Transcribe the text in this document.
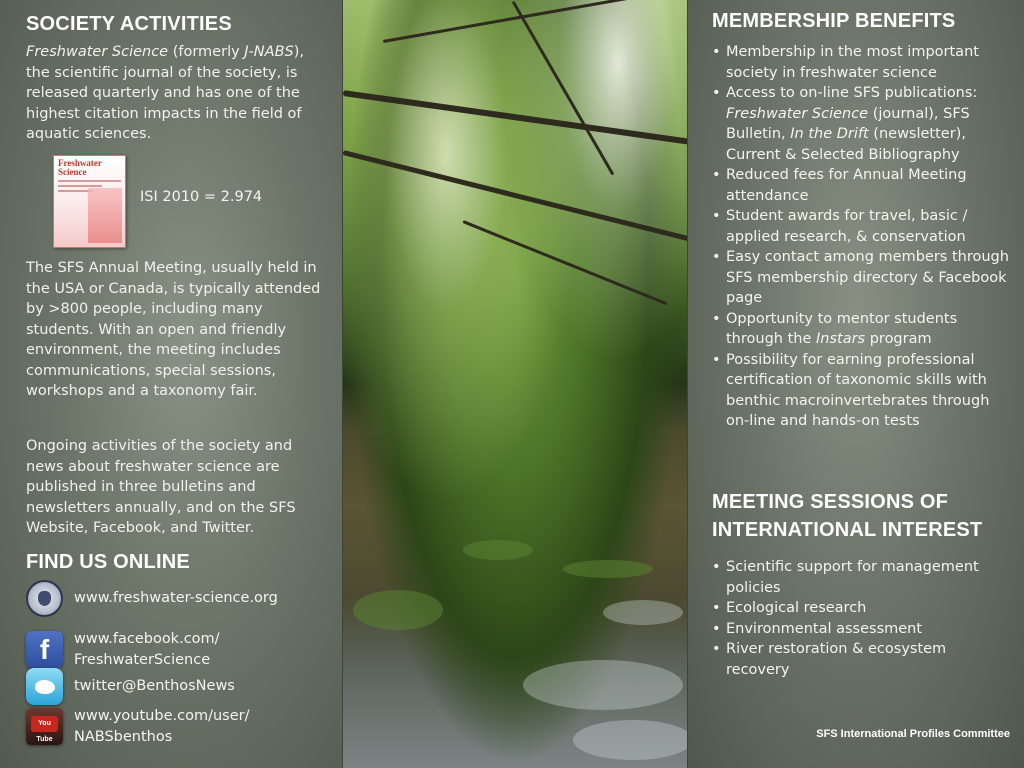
SOCIETY ACTIVITIES

Freshwater Science (formerly J-NABS), the scientific journal of the society, is released quarterly and has one of the highest citation impacts in the field of aquatic sciences.

Freshwater
Science
ISI 2010 = 2.974

The SFS Annual Meeting, usually held in the USA or Canada, is typically attended by >800 people, including many students. With an open and friendly environment, the meeting includes communications, special sessions, workshops and a taxonomy fair.

Ongoing activities of the society and news about freshwater science are published in three bulletins and newsletters annually, and on the SFS Website, Facebook, and Twitter.

FIND US ONLINE
www.freshwater-science.org
f	www.facebook.com/
FreshwaterScience
twitter@BenthosNews
You Tube
www.youtube.com/user/
NABSbenthos
MEMBERSHIP BENEFITS
• Membership in the most important society in freshwater science
• Access to on-line SFS publications: Freshwater Science (journal), SFS Bulletin, In the Drift (newsletter), Current & Selected Bibliography
• Reduced fees for Annual Meeting attendance
• Student awards for travel, basic / applied research, & conservation
• Easy contact among members through SFS membership directory & Facebook page
• Opportunity to mentor students through the Instars program
• Possibility for earning professional certification of taxonomic skills with benthic macroinvertebrates through on-line and hands-on tests
MEETING SESSIONS OF INTERNATIONAL INTEREST
• Scientific support for management policies
• Ecological research
• Environmental assessment
• River restoration & ecosystem recovery
SFS International Profiles Committee
